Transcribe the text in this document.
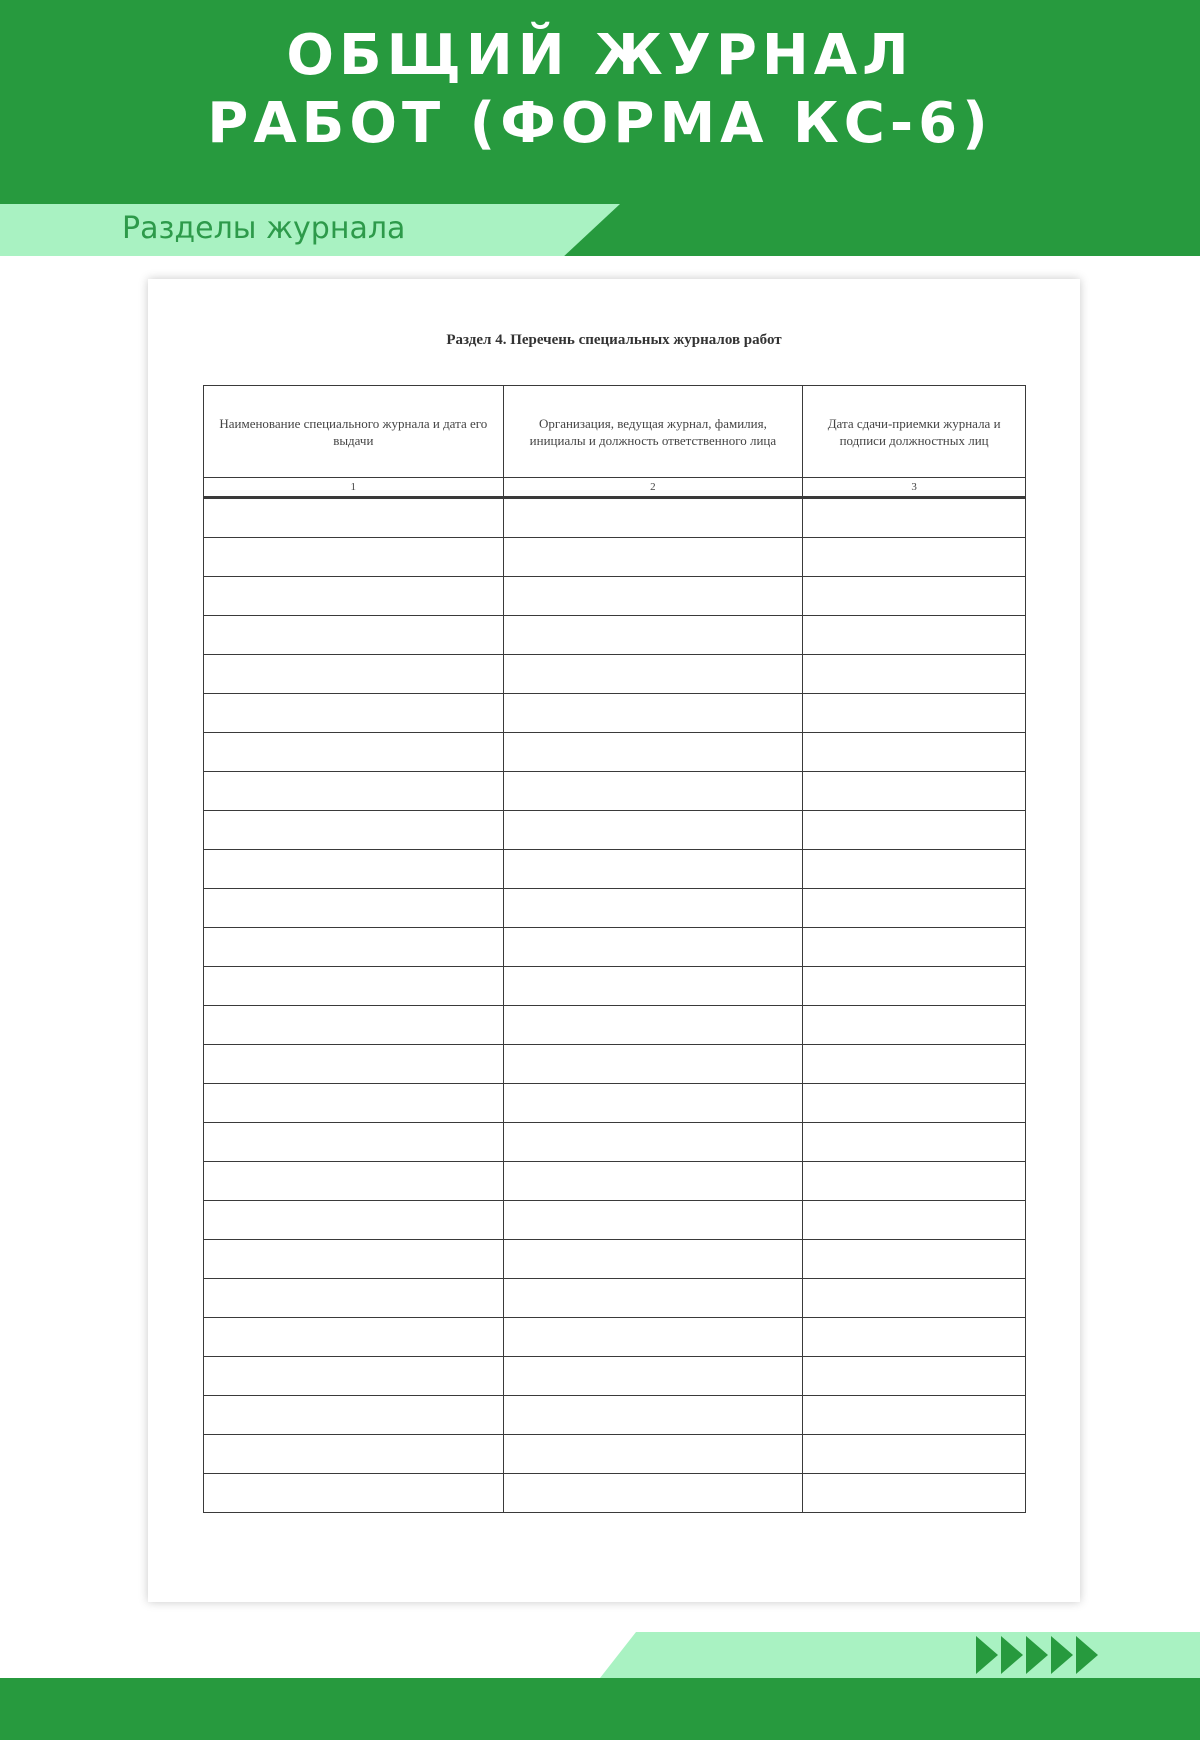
ОБЩИЙ ЖУРНАЛ
РАБОТ (ФОРМА КС-6)
Разделы журнала
Раздел 4. Перечень специальных журналов работ
Наименование специального журнала и дата его выдачи	Организация, ведущая журнал, фамилия, инициалы и должность ответственного лица	Дата сдачи-приемки журнала и подписи должностных лиц

1	2	3
